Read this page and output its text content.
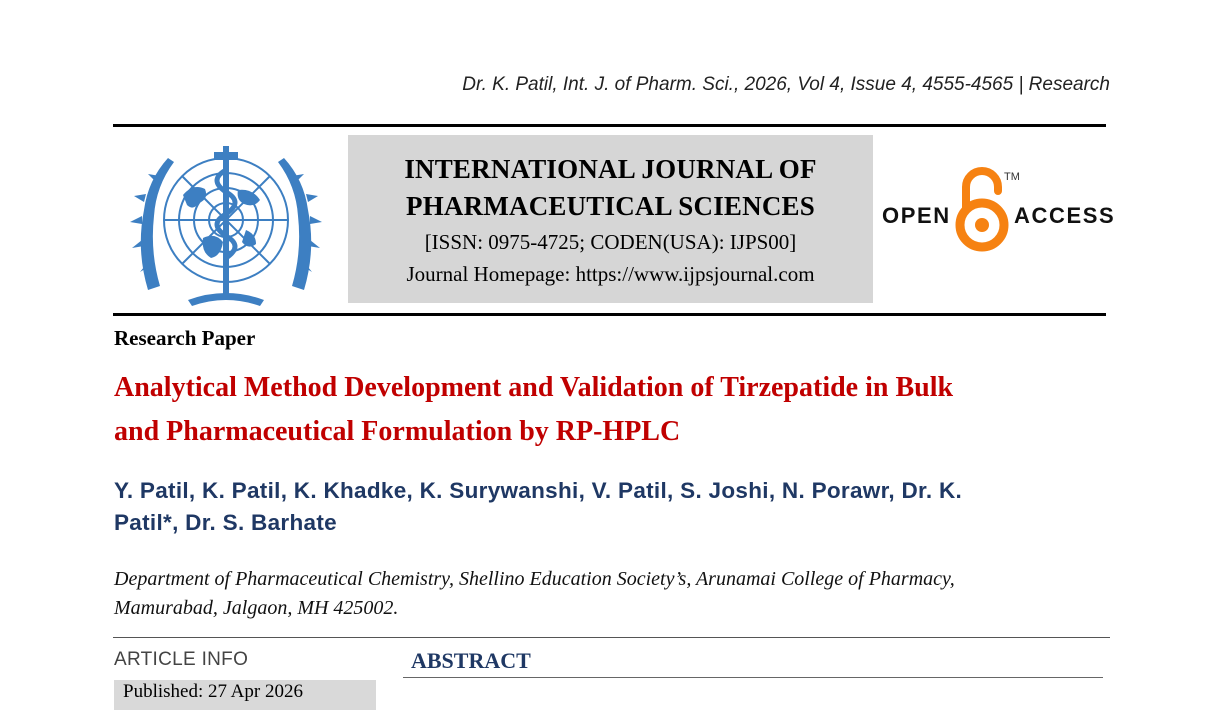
Dr. K. Patil, Int. J. of Pharm. Sci., 2026, Vol 4, Issue 4, 4555-4565 | Research
INTERNATIONAL JOURNAL OF
PHARMACEUTICAL SCIENCES
[ISSN: 0975-4725; CODEN(USA): IJPS00]
Journal Homepage: https://www.ijpsjournal.com
OPEN
TM
ACCESS
Research Paper
Analytical Method Development and Validation of Tirzepatide in Bulk
and Pharmaceutical Formulation by RP-HPLC
Y. Patil, K. Patil, K. Khadke, K. Surywanshi, V. Patil, S. Joshi, N. Porawr, Dr. K.
Patil*, Dr. S. Barhate
Department of Pharmaceutical Chemistry, Shellino Education Society’s, Arunamai College of Pharmacy,
Mamurabad, Jalgaon, MH 425002.
ARTICLE INFO	ABSTRACT
Published: 27 Apr 2026
